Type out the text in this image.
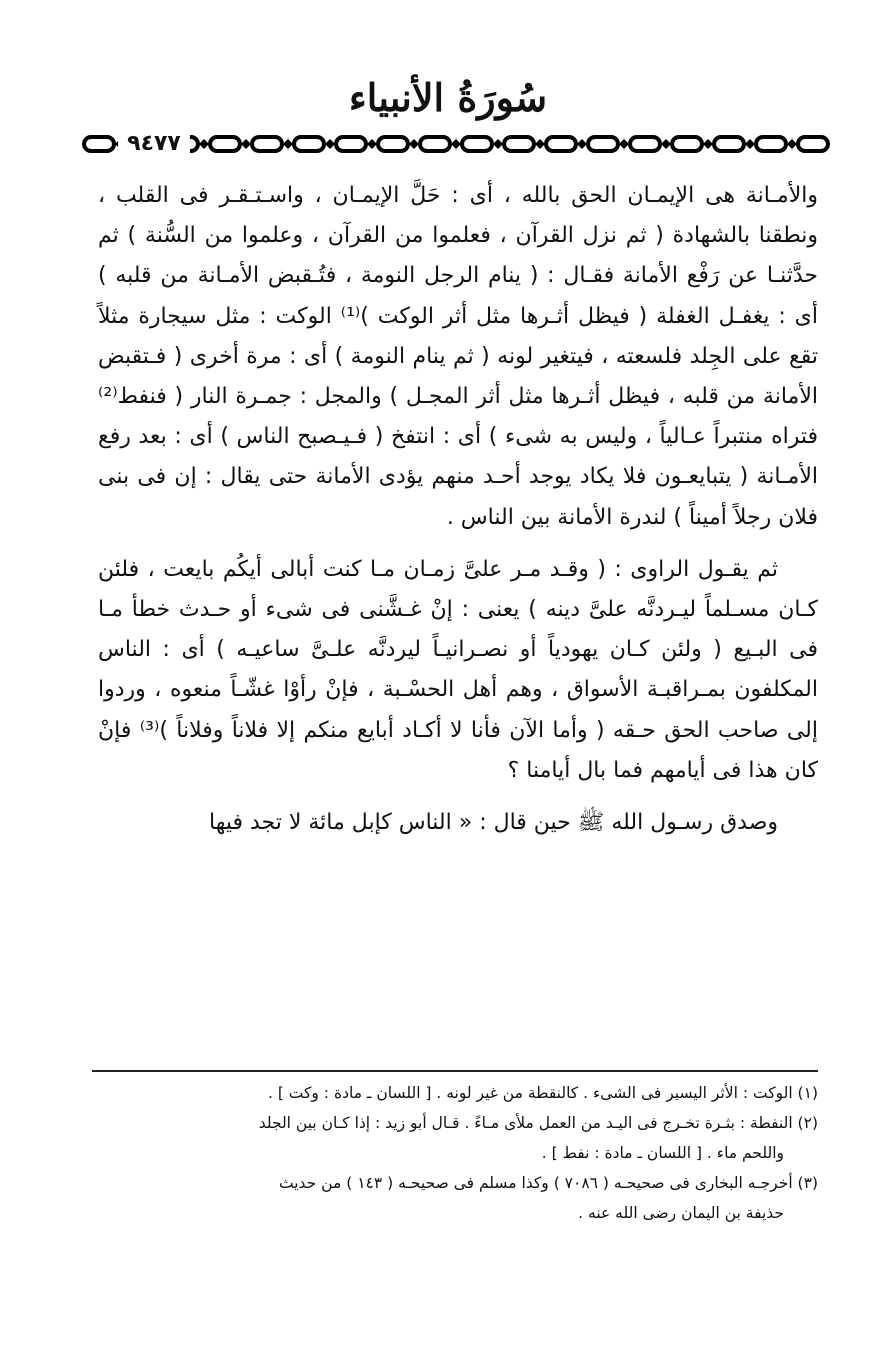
سُورَةُ الأنبياء
٩٤٧٧

والأمـانة هى الإيمـان الحق بالله ، أى : حَلَّ الإيمـان ، واسـتـقـر فى القلب ، ونطقنا بالشهادة ( ثم نزل القرآن ، فعلموا من القرآن ، وعلموا من السُّنة ) ثم حدَّثنـا عن رَفْع الأمانة فقـال : ( ينام الرجل النومة ، فتُـقبض الأمـانة من قلبه ) أى : يغفـل الغفلة ( فيظل أثـرها مثل أثر الوكت )⁽¹⁾ الوكت : مثل سيجارة مثلاً تقع على الجِلد فلسعته ، فيتغير لونه ( ثم ينام النومة ) أى : مرة أخرى ( فـتقبض الأمانة من قلبه ، فيظل أثـرها مثل أثر المجـل ) والمجل : جمـرة النار ( فنفط⁽²⁾ فتراه منتبراً عـالياً ، وليس به شىء ) أى : انتفخ ( فـيـصبح الناس ) أى : بعد رفع الأمـانة ( يتبايعـون فلا يكاد يوجد أحـد منهم يؤدى الأمانة حتى يقال : إن فى بنى فلان رجلاً أميناً ) لندرة الأمانة بين الناس .

ثم يقـول الراوى : ( وقـد مـر علىَّ زمـان مـا كنت أبالى أيكُم بايعت ، فلئن كـان مسـلماً ليـردنَّه علىَّ دينه ) يعنى : إنْ غـشَّنى فى شىء أو حـدث خطأ مـا فى البـيع ( ولئن كـان يهودياً أو نصـرانيـاً ليردنَّه علـىَّ ساعيـه ) أى : الناس المكلفون بمـراقبـة الأسواق ، وهم أهل الحسْـبة ، فإنْ رأوْا غشّـاً منعوه ، وردوا إلى صاحب الحق حـقه ( وأما الآن فأنا لا أكـاد أبايع منكم إلا فلاناً وفلاناً )⁽³⁾ فإنْ كان هذا فى أيامهم فما بال أيامنا ؟

وصدق رسـول الله ﷺ حين قال : « الناس كإبل مائة لا تجد فيها

(١) الوكت : الأثر اليسير فى الشىء . كالنقطة من غير لونه . [ اللسان ـ مادة : وكت ] .
(٢) النفطة : بثـرة تخـرج فى اليـد من العمل ملأى مـاءً . قـال أبو زيد : إذا كـان بين الجلد
واللحم ماء . [ اللسان ـ مادة : نفط ] .
(٣) أخرجـه البخارى فى صحيحـه ( ٧٠٨٦ ) وكذا مسلم فى صحيحـه ( ١٤٣ ) من حديث
حذيفة بن اليمان رضى الله عنه .
